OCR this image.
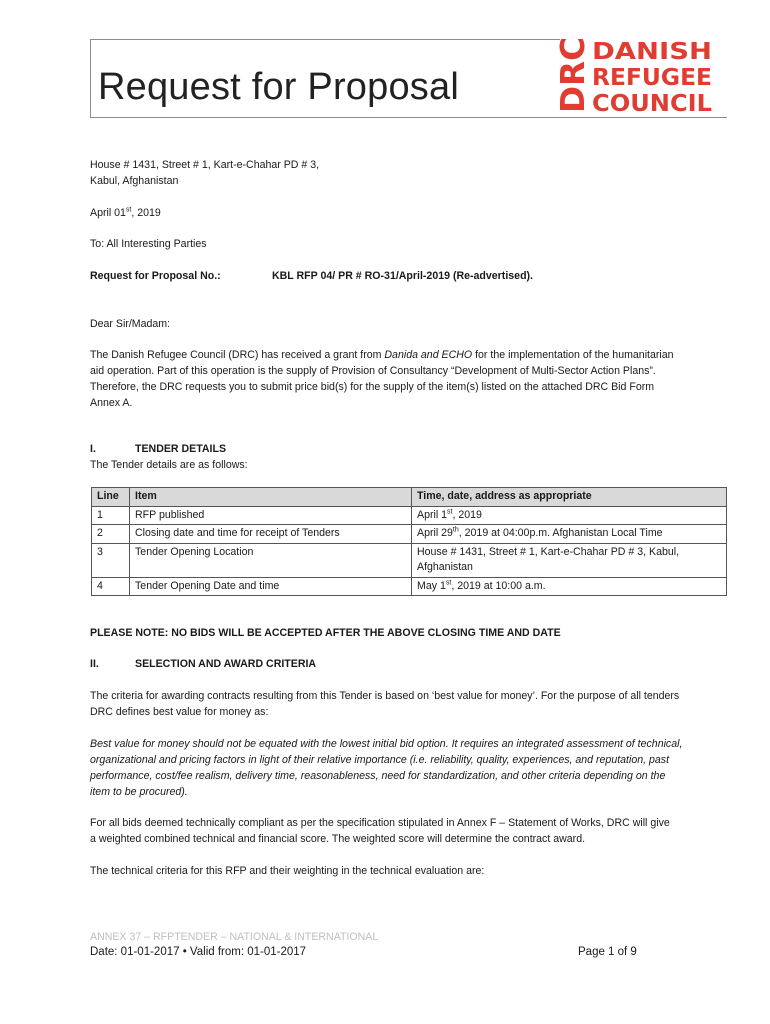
Request for Proposal	DRC DANISH
REFUGEE
COUNCIL
House # 1431, Street # 1, Kart-e-Chahar PD # 3,
Kabul, Afghanistan
April 01st, 2019
To: All Interesting Parties
Request for Proposal No.:	KBL RFP 04/ PR # RO-31/April-2019 (Re-advertised).
Dear Sir/Madam:
The Danish Refugee Council (DRC) has received a grant from Danida and ECHO for the implementation of the humanitarian
aid operation. Part of this operation is the supply of Provision of Consultancy “Development of Multi-Sector Action Plans”.
Therefore, the DRC requests you to submit price bid(s) for the supply of the item(s) listed on the attached DRC Bid Form
Annex A.
I.	TENDER DETAILS
The Tender details are as follows:
Line	Item	Time, date, address as appropriate
1	RFP published	April 1st, 2019
2	Closing date and time for receipt of Tenders	April 29th, 2019 at 04:00p.m. Afghanistan Local Time
3	Tender Opening Location	House # 1431, Street # 1, Kart-e-Chahar PD # 3, Kabul,
Afghanistan
4	Tender Opening Date and time	May 1st, 2019 at 10:00 a.m.
PLEASE NOTE: NO BIDS WILL BE ACCEPTED AFTER THE ABOVE CLOSING TIME AND DATE
II.	SELECTION AND AWARD CRITERIA
The criteria for awarding contracts resulting from this Tender is based on ‘best value for money’. For the purpose of all tenders
DRC defines best value for money as:
Best value for money should not be equated with the lowest initial bid option. It requires an integrated assessment of technical,
organizational and pricing factors in light of their relative importance (i.e. reliability, quality, experiences, and reputation, past
performance, cost/fee realism, delivery time, reasonableness, need for standardization, and other criteria depending on the
item to be procured).
For all bids deemed technically compliant as per the specification stipulated in Annex F – Statement of Works, DRC will give
a weighted combined technical and financial score. The weighted score will determine the contract award.
The technical criteria for this RFP and their weighting in the technical evaluation are:
ANNEX 37 – RFPTENDER – NATIONAL & INTERNATIONAL
Date: 01-01-2017 • Valid from: 01-01-2017	Page 1 of 9
